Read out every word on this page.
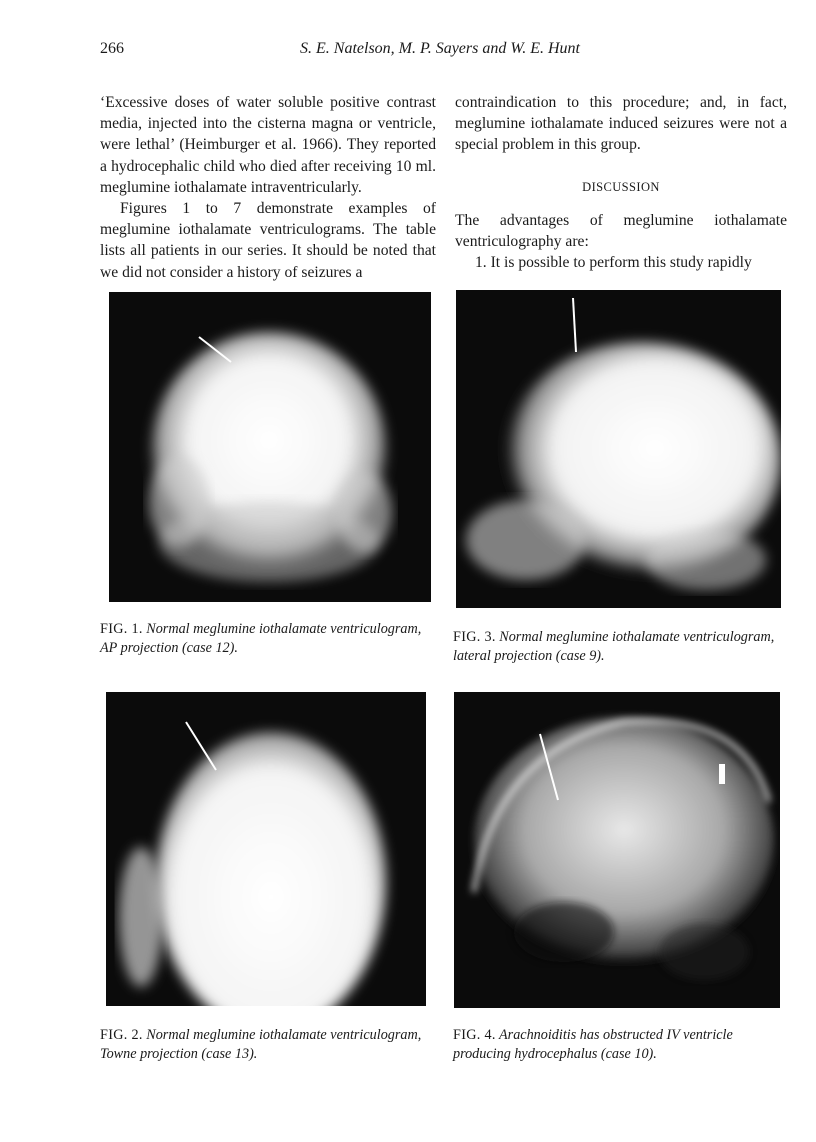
266	S. E. Natelson, M. P. Sayers and W. E. Hunt

‘Excessive doses of water soluble positive contrast media, injected into the cisterna magna or ventricle, were lethal’ (Heimburger et al. 1966). They reported a hydrocephalic child who died after receiving 10 ml. meglumine iothalamate intraventricularly.

Figures 1 to 7 demonstrate examples of meglumine iothalamate ventriculograms. The table lists all patients in our series. It should be noted that we did not consider a history of seizures a

contraindication to this procedure; and, in fact, meglumine iothalamate induced seizures were not a special problem in this group.

DISCUSSION

The advantages of meglumine iothalamate ventriculography are:

1. It is possible to perform this study rapidly

FIG. 1. Normal meglumine iothalamate ventriculogram, AP projection (case 12).
FIG. 3. Normal meglumine iothalamate ventriculogram, lateral projection (case 9).
FIG. 2. Normal meglumine iothalamate ventriculogram, Towne projection (case 13).
FIG. 4. Arachnoiditis has obstructed IV ventricle producing hydrocephalus (case 10).
